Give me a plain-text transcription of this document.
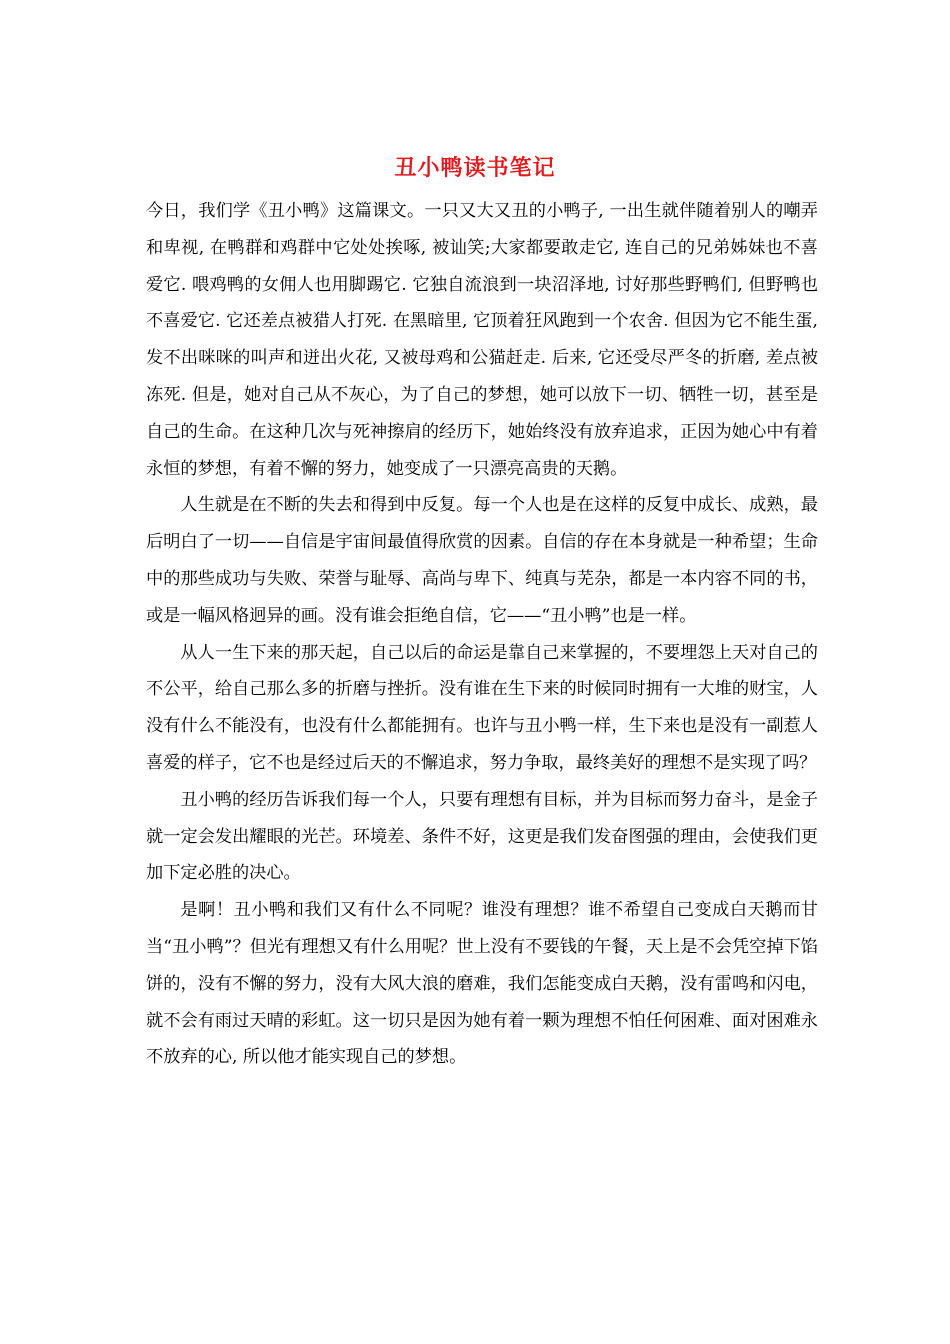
丑小鸭读书笔记

今日，我们学《丑小鸭》这篇课文。一只又大又丑的小鸭子, 一出生就伴随着别人的嘲弄和卑视, 在鸭群和鸡群中它处处挨啄, 被讪笑;大家都要敢走它, 连自己的兄弟姊妹也不喜爱它. 喂鸡鸭的女佣人也用脚踢它. 它独自流浪到一块沼泽地, 讨好那些野鸭们, 但野鸭也不喜爱它. 它还差点被猎人打死. 在黑暗里, 它顶着狂风跑到一个农舍. 但因为它不能生蛋, 发不出咪咪的叫声和迸出火花, 又被母鸡和公猫赶走. 后来, 它还受尽严冬的折磨, 差点被冻死. 但是，她对自己从不灰心，为了自己的梦想，她可以放下一切、牺牲一切，甚至是自己的生命。在这种几次与死神擦肩的经历下，她始终没有放弃追求，正因为她心中有着永恒的梦想，有着不懈的努力，她变成了一只漂亮高贵的天鹅。

人生就是在不断的失去和得到中反复。每一个人也是在这样的反复中成长、成熟，最后明白了一切——自信是宇宙间最值得欣赏的因素。自信的存在本身就是一种希望；生命中的那些成功与失败、荣誉与耻辱、高尚与卑下、纯真与芜杂，都是一本内容不同的书，或是一幅风格迥异的画。没有谁会拒绝自信，它——“丑小鸭”也是一样。

从人一生下来的那天起，自己以后的命运是靠自己来掌握的，不要埋怨上天对自己的不公平，给自己那么多的折磨与挫折。没有谁在生下来的时候同时拥有一大堆的财宝，人没有什么不能没有，也没有什么都能拥有。也许与丑小鸭一样，生下来也是没有一副惹人喜爱的样子，它不也是经过后天的不懈追求，努力争取，最终美好的理想不是实现了吗？

丑小鸭的经历告诉我们每一个人，只要有理想有目标，并为目标而努力奋斗，是金子就一定会发出耀眼的光芒。环境差、条件不好，这更是我们发奋图强的理由，会使我们更加下定必胜的决心。

是啊！丑小鸭和我们又有什么不同呢？谁没有理想？谁不希望自己变成白天鹅而甘当“丑小鸭”？但光有理想又有什么用呢？世上没有不要钱的午餐，天上是不会凭空掉下馅饼的，没有不懈的努力，没有大风大浪的磨难，我们怎能变成白天鹅，没有雷鸣和闪电，就不会有雨过天晴的彩虹。这一切只是因为她有着一颗为理想不怕任何困难、面对困难永不放弃的心, 所以他才能实现自己的梦想。
